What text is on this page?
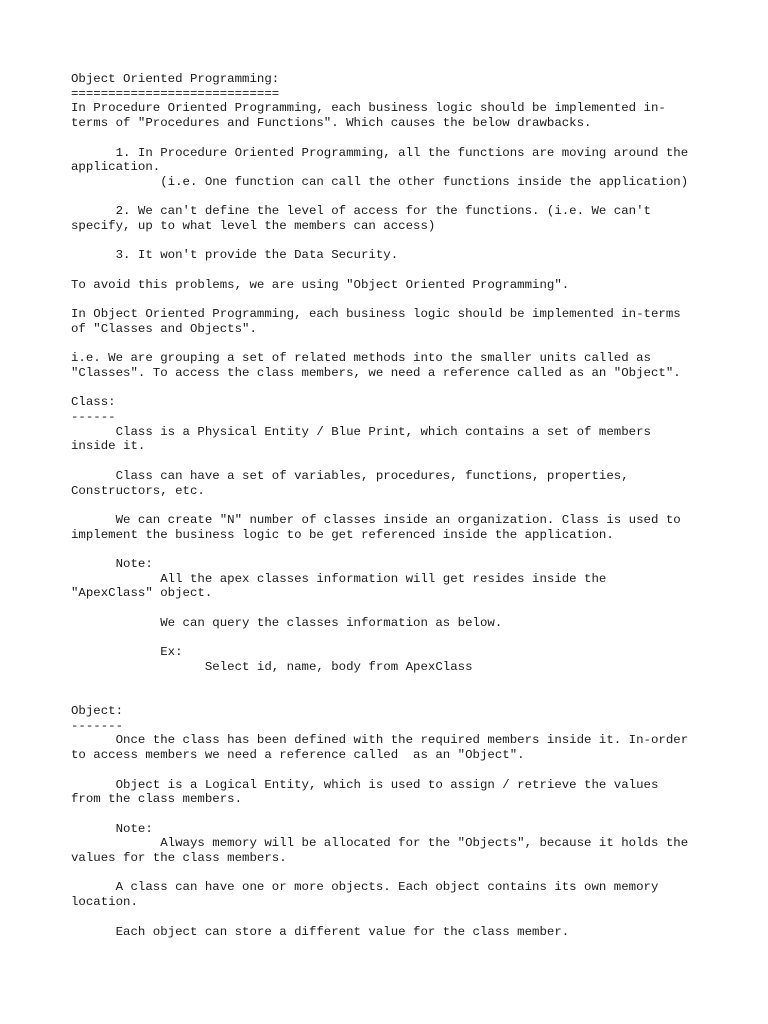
Object Oriented Programming:
============================
In Procedure Oriented Programming, each business logic should be implemented in-
terms of "Procedures and Functions". Which causes the below drawbacks.
1. In Procedure Oriented Programming, all the functions are moving around the
application.
(i.e. One function can call the other functions inside the application)
2. We can't define the level of access for the functions. (i.e. We can't
specify, up to what level the members can access)
3. It won't provide the Data Security.
To avoid this problems, we are using "Object Oriented Programming".
In Object Oriented Programming, each business logic should be implemented in-terms
of "Classes and Objects".
i.e. We are grouping a set of related methods into the smaller units called as
"Classes". To access the class members, we need a reference called as an "Object".
Class:
------
Class is a Physical Entity / Blue Print, which contains a set of members
inside it.
Class can have a set of variables, procedures, functions, properties,
Constructors, etc.
We can create "N" number of classes inside an organization. Class is used to
implement the business logic to be get referenced inside the application.
Note:
All the apex classes information will get resides inside the
"ApexClass" object.
We can query the classes information as below.
Ex:
Select id, name, body from ApexClass
Object:
-------
Once the class has been defined with the required members inside it. In-order
to access members we need a reference called  as an "Object".
Object is a Logical Entity, which is used to assign / retrieve the values
from the class members.
Note:
Always memory will be allocated for the "Objects", because it holds the
values for the class members.
A class can have one or more objects. Each object contains its own memory
location.
Each object can store a different value for the class member.
